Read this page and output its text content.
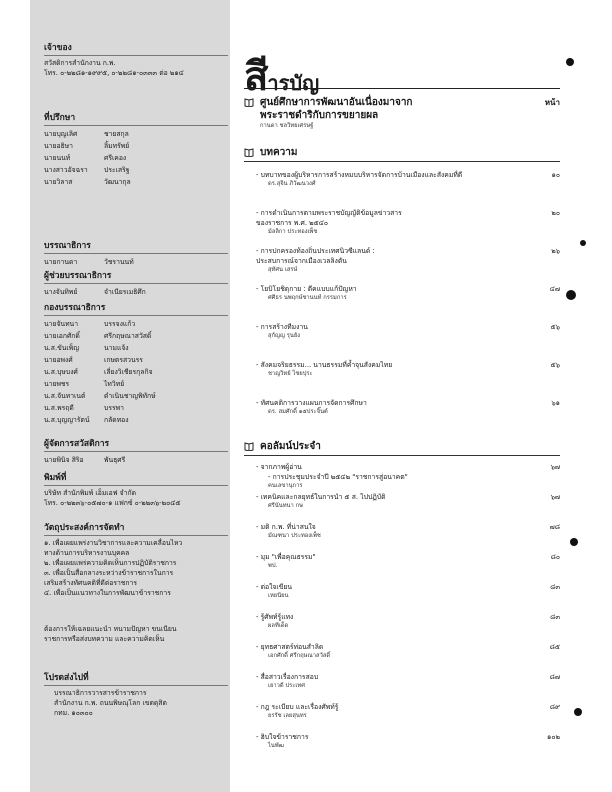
เจ้าของ
สวัสดิการสำนักงาน ก.พ.
โทร. ๐-๒๒๘๑-๑๙๙๕, ๐-๒๒๘๑-๐๓๓๓ ต่อ ๒๑๔
ที่ปรึกษา
นายบุญเลิศ	ชายสกุล
นายอธิษา	ลิ้มทรัพย์
นายนนท์	ศรีเคอง
นางสาวอัจฉรา	ประเสริฐ
นายวิลาส	วัฒนากุล
บรรณาธิการ
นายกานดา	วัชรานนท์
ผู้ช่วยบรรณาธิการ
นางจันทิพย์	จำเนียรเมธิศึก
กองบรรณาธิการ
นายจันทนา	บรรจงแก้ว
นายเอกศักดิ์	ศรีกฤษณาสวัสดิ์
น.ส.ขันเพ็ญ	นามแจ้ง
นายอพงศ์	เกษตรสวนรร
น.ส.บุษบงศ์	เลี่ยงวิเชียรกุลกิจ
นายพชร	ไทวิทย์
น.ส.จันทาเนต์	ดำเนินชาญพิทักษ์
น.ส.พรฤดี	บรรพา
น.ส.บุญญารัตน์	กลัดทอง
ผู้จัดการสวัสดิการ
นายพินิจ สิริอ	พันธุศรี
พิมพ์ที่
บริษัท สำนักพิมพ์ เอ็มเอฟ จำกัด
โทร. ๐-๒๒๓๖-๐๕๗๐-๑ แฟกซ์ ๐-๒๒๓๖-๒๐๔๕
วัตถุประสงค์การจัดทำ
๑. เพื่อเผยแพร่งานวิชาการและความเคลื่อนไหว
ทางด้านการบริหารงานบุคคล
๒. เพื่อเผยแพร่ความคิดเห็นการปฏิบัติราชการ
๓. เพื่อเป็นสื่อกลางระหว่างข้าราชการในการ
เสริมสร้างทัศนคติที่ดีต่อราชการ
๔. เพื่อเป็นแนวทางในการพัฒนาข้าราชการ
ต้องการให้เฉลยแนะนำ หนามปัญหา ขนเนียน
ราชการหรือส่งบทความ และความคิดเห็น
โปรดส่งไปที่
บรรณาธิการวารสารข้าราชการ
สำนักงาน ก.พ. ถนนพิษณุโลก เขตดุสิต
กทม. ๑๐๓๐๐
สีารบัญ
ศูนย์ศึกษาการพัฒนาอันเนื่องมาจาก
พระราชดำริกับการขยายผล
หน้า
กานดา ชลวิทยเศรษฐ์
บทความ
- บทบาทของผู้บริหารการสร้างหมบบริหารจัดการบ้านเมืองและสังคมที่ดี	๑๐
ดร.สุจิน ภิวัฒนวงศ์
- การดำเนินการตามพระราชบัญญัติข้อมูลข่าวสาร	๒๐
ของราชการ พ.ศ. ๒๕๔๐
ม้ลลิกา ประทองเพ็ช
- การปกครองท้องถิ่นประเทศนิวซีแลนด์ :	๒๖
ประสบการณ์จากเมืองเวลลิงตัน
สุทัศน เสรษ์
- โยบิโยชิดุกาย : ตีคแบบแก้ปัญหา	๔๗
ศศิธร นพฤกษ์ชานนท์ กรรมการ
- การสร้างทีมงาน	๕๖
สุกัญญ รุนยัง
- สังคมจริยธรรม... นานธรรมที่ค้ำจุนสังคมไทย	๕๖
ชาญวิทย์ ไชยปุระ
- ทัศนคติการวางแผนการจัดการศึกษา	๖๑
ดร. สมศักดิ์ ๑๕ประจิ๊นต์
คอลัมน์ประจำ
- จากภาพผู้อ่าน	๖๗
- การประชุมประจำปี ๒๕๔๒ "ราชการสู่อนาคต"
คนเลขานุการ
- เทคนิคและกลยุทธ์ในการนำ ๕ ส. ไปปฏิบัติ	๖๗
ศรีนันทนา กษ
- มติ ก.พ. ที่น่าสนใจ	๗๘
มัณฑนา ประทองเพ็ช
- มุม "เพื่อคุณธรรม"	๘๐
พป.
- ต่อใจเขียน	๘๓
เหยนียน
- รู้ศัพท์รู้แทง	๘๓
ผลทีเด็ด
- ยุทธศาสตร์ท่อนสำลิด	๘๕
เอกศักดิ์ ศรีกฤษณาสวัสดิ์
- สื่อสาวเรื่องการสอบ	๘๗
เยาวดี ประเทศ
- กฎ ระเบียบ และเรื่องศัพท์รู้	๘๙
ยรรัช เลยสุนทร
- ฮิบใจข้าราชการ	๑๐๒
ไนพัฒ
